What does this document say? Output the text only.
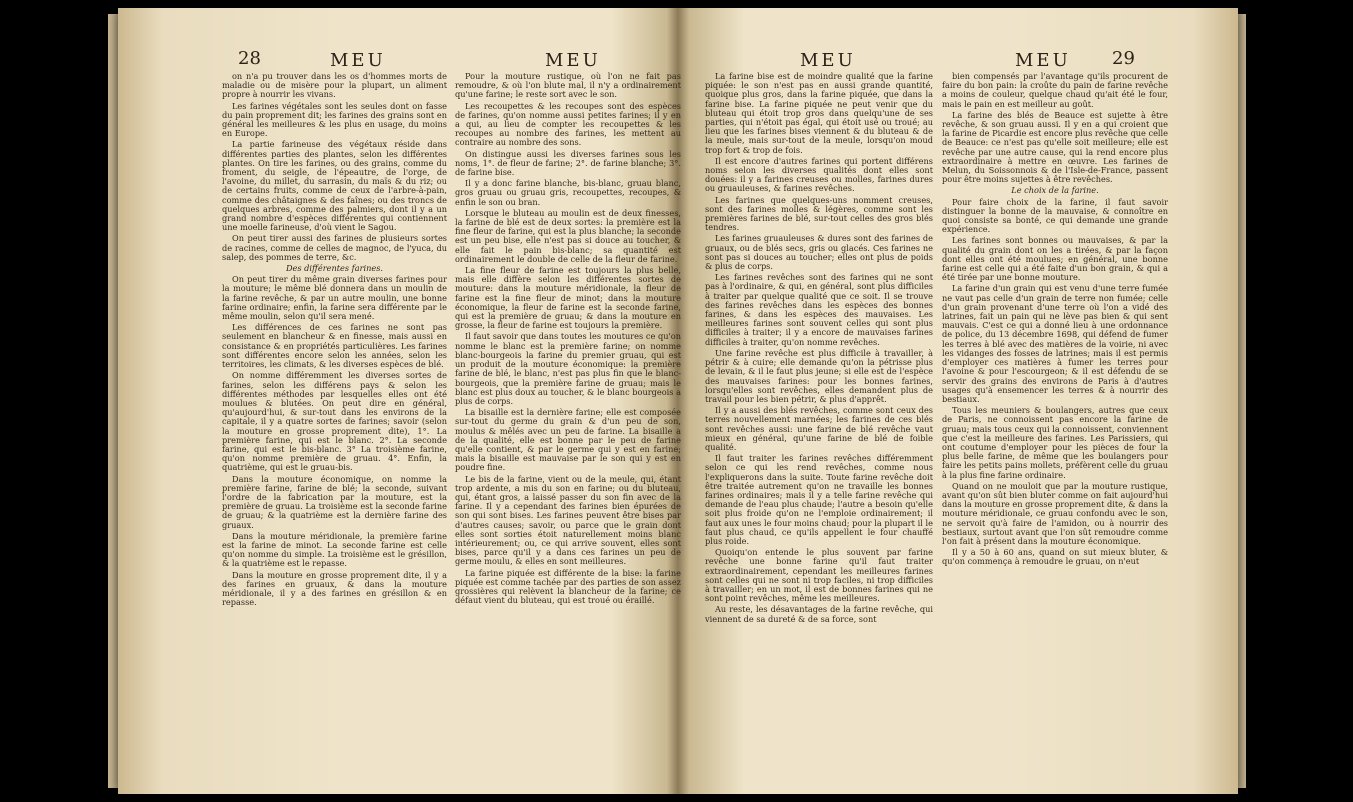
28	MEU	MEU	MEU	MEU 29

on n'a pu trouver dans les os d'hommes morts de maladie ou de misère pour la plupart, un aliment propre à nourrir les vivans.

Les farines végétales sont les seules dont on fasse du pain proprement dit; les farines des grains sont en général les meilleures & les plus en usage, du moins en Europe.

La partie farineuse des végétaux réside dans différentes parties des plantes, selon les différentes plantes. On tire les farines, ou des grains, comme du froment, du seigle, de l'épeautre, de l'orge, de l'avoine, du millet, du sarrasin, du maïs & du riz; ou de certains fruits, comme de ceux de l'arbre-à-pain, comme des châtaignes & des faînes; ou des troncs de quelques arbres, comme des palmiers, dont il y a un grand nombre d'espèces différentes qui contiennent une moelle farineuse, d'où vient le Sagou.

On peut tirer aussi des farines de plusieurs sortes de racines, comme de celles de magnoc, de l'yuca, du salep, des pommes de terre, &c.

Des différentes farines.

On peut tirer du même grain diverses farines pour la mouture; le même blé donnera dans un moulin de la farine revêche, & par un autre moulin, une bonne farine ordinaire; enfin, la farine sera différente par le même moulin, selon qu'il sera mené.

Les différences de ces farines ne sont pas seulement en blancheur & en finesse, mais aussi en consistance & en propriétés particulières. Les farines sont différentes encore selon les années, selon les territoires, les climats, & les diverses espèces de blé.

On nomme différemment les diverses sortes de farines, selon les différens pays & selon les différentes méthodes par lesquelles elles ont été moulues & blutées. On peut dire en général, qu'aujourd'hui, & sur-tout dans les environs de la capitale, il y a quatre sortes de farines; savoir (selon la mouture en grosse proprement dite), 1°. La première farine, qui est le blanc. 2°. La seconde farine, qui est le bis-blanc. 3° La troisième farine, qu'on nomme première de gruau. 4°. Enfin, la quatrième, qui est le gruau-bis.

Dans la mouture économique, on nomme la première farine, farine de blé; la seconde, suivant l'ordre de la fabrication par la mouture, est la première de gruau. La troisième est la seconde farine de gruau; & la quatrième est la dernière farine des gruaux.

Dans la mouture méridionale, la première farine est la farine de minot. La seconde farine est celle qu'on nomme du simple. La troisième est le grésillon, & la quatrième est le repasse.

Dans la mouture en grosse proprement dite, il y a des farines en gruaux, & dans la mouture méridionale, il y a des farines en grésillon & en repasse.

Pour la mouture rustique, où l'on ne fait pas remoudre, & où l'on blute mal, il n'y a ordinairement qu'une farine; le reste sort avec le son.

Les recoupettes & les recoupes sont des espèces de farines, qu'on nomme aussi petites farines; il y en a qui, au lieu de compter les recoupettes & les recoupes au nombre des farines, les mettent au contraire au nombre des sons.

On distingue aussi les diverses farines sous les noms, 1°. de fleur de farine; 2°. de farine blanche; 3°. de farine bise.

Il y a donc farine blanche, bis-blanc, gruau blanc, gros gruau ou gruau gris, recoupettes, recoupes, & enfin le son ou bran.

Lorsque le bluteau au moulin est de deux finesses, la farine de blé est de deux sortes: la première est la fine fleur de farine, qui est la plus blanche; la seconde est un peu bise, elle n'est pas si douce au toucher, & elle fait le pain bis-blanc; sa quantité est ordinairement le double de celle de la fleur de farine.

La fine fleur de farine est toujours la plus belle, mais elle diffère selon les différentes sortes de mouture: dans la mouture méridionale, la fleur de farine est la fine fleur de minot; dans la mouture économique, la fleur de farine est la seconde farine, qui est la première de gruau; & dans la mouture en grosse, la fleur de farine est toujours la première.

Il faut savoir que dans toutes les moutures ce qu'on nomme le blanc est la première farine; on nomme blanc-bourgeois la farine du premier gruau, qui est un produit de la mouture économique: la première farine de blé, le blanc, n'est pas plus fin que le blanc-bourgeois, que la première farine de gruau; mais le blanc est plus doux au toucher, & le blanc bourgeois a plus de corps.

La bisaille est la dernière farine; elle est composée sur-tout du germe du grain & d'un peu de son, moulus & mêlés avec un peu de farine. La bisaille a de la qualité, elle est bonne par le peu de farine qu'elle contient, & par le germe qui y est en farine; mais la bisaille est mauvaise par le son qui y est en poudre fine.

Le bis de la farine, vient ou de la meule, qui, étant trop ardente, a mis du son en farine; ou du bluteau, qui, étant gros, a laissé passer du son fin avec de la farine. Il y a cependant des farines bien épurées de son qui sont bises. Les farines peuvent être bises par d'autres causes; savoir, ou parce que le grain dont elles sont sorties étoit naturellement moins blanc intérieurement; ou, ce qui arrive souvent, elles sont bises, parce qu'il y a dans ces farines un peu de germe moulu, & elles en sont meilleures.

La farine piquée est différente de la bise: la farine piquée est comme tachée par des parties de son assez grossières qui relèvent la blancheur de la farine; ce défaut vient du bluteau, qui est troué ou éraillé.

La farine bise est de moindre qualité que la farine piquée: le son n'est pas en aussi grande quantité, quoique plus gros, dans la farine piquée, que dans la farine bise. La farine piquée ne peut venir que du bluteau qui étoit trop gros dans quelqu'une de ses parties, qui n'étoit pas égal, qui étoit usé ou troué; au lieu que les farines bises viennent & du bluteau & de la meule, mais sur-tout de la meule, lorsqu'on moud trop fort & trop de fois.

Il est encore d'autres farines qui portent différens noms selon les diverses qualités dont elles sont douées: il y a farines creuses ou molles, farines dures ou gruauleuses, & farines revêches.

Les farines que quelques-uns nomment creuses, sont des farines molles & légères, comme sont les premières farines de blé, sur-tout celles des gros blés tendres.

Les farines gruauleuses & dures sont des farines de gruaux, ou de blés secs, gris ou glacés. Ces farines ne sont pas si douces au toucher; elles ont plus de poids & plus de corps.

Les farines revêches sont des farines qui ne sont pas à l'ordinaire, & qui, en général, sont plus difficiles à traiter par quelque qualité que ce soit. Il se trouve des farines revêches dans les espèces des bonnes farines, & dans les espèces des mauvaises. Les meilleures farines sont souvent celles qui sont plus difficiles à traiter; il y a encore de mauvaises farines difficiles à traiter, qu'on nomme revêches.

Une farine revêche est plus difficile à travailler, à pétrir & à cuire; elle demande qu'on la pétrisse plus de levain, & il le faut plus jeune; si elle est de l'espèce des mauvaises farines: pour les bonnes farines, lorsqu'elles sont revêches, elles demandent plus de travail pour les bien pétrir, & plus d'apprêt.

Il y a aussi des blés revêches, comme sont ceux des terres nouvellement marnées; les farines de ces blés sont revêches aussi: une farine de blé revêche vaut mieux en général, qu'une farine de blé de foible qualité.

Il faut traiter les farines revêches différemment selon ce qui les rend revêches, comme nous l'expliquerons dans la suite. Toute farine revêche doit être traitée autrement qu'on ne travaille les bonnes farines ordinaires; mais il y a telle farine revêche qui demande de l'eau plus chaude; l'autre a besoin qu'elle soit plus froide qu'on ne l'emploie ordinairement; il faut aux unes le four moins chaud; pour la plupart il le faut plus chaud, ce qu'ils appellent le four chauffé plus roide.

Quoiqu'on entende le plus souvent par farine revêche une bonne farine qu'il faut traiter extraordinairement, cependant les meilleures farines sont celles qui ne sont ni trop faciles, ni trop difficiles à travailler; en un mot, il est de bonnes farines qui ne sont point revêches, même les meilleures.

Au reste, les désavantages de la farine revêche, qui viennent de sa dureté & de sa force, sont

bien compensés par l'avantage qu'ils procurent de faire du bon pain: la croûte du pain de farine revêche a moins de couleur, quelque chaud qu'ait été le four, mais le pain en est meilleur au goût.

La farine des blés de Beauce est sujette à être revêche, & son gruau aussi. Il y en a qui croient que la farine de Picardie est encore plus revêche que celle de Beauce: ce n'est pas qu'elle soit meilleure; elle est revêche par une autre cause, qui la rend encore plus extraordinaire à mettre en œuvre. Les farines de Melun, du Soissonnois & de l'Isle-de-France, passent pour être moins sujettes à être revêches.

Le choix de la farine.

Pour faire choix de la farine, il faut savoir distinguer la bonne de la mauvaise, & connoître en quoi consiste sa bonté, ce qui demande une grande expérience.

Les farines sont bonnes ou mauvaises, & par la qualité du grain dont on les a tirées, & par la façon dont elles ont été moulues; en général, une bonne farine est celle qui a été faite d'un bon grain, & qui a été tirée par une bonne mouture.

La farine d'un grain qui est venu d'une terre fumée ne vaut pas celle d'un grain de terre non fumée; celle d'un grain provenant d'une terre où l'on a vidé des latrines, fait un pain qui ne lève pas bien & qui sent mauvais. C'est ce qui a donné lieu à une ordonnance de police, du 13 décembre 1698, qui défend de fumer les terres à blé avec des matières de la voirie, ni avec les vidanges des fosses de latrines; mais il est permis d'employer ces matières à fumer les terres pour l'avoine & pour l'escourgeon; & il est défendu de se servir des grains des environs de Paris à d'autres usages qu'à ensemencer les terres & à nourrir des bestiaux.

Tous les meuniers & boulangers, autres que ceux de Paris, ne connoissent pas encore la farine de gruau; mais tous ceux qui la connoissent, conviennent que c'est la meilleure des farines. Les Parissiers, qui ont coutume d'employer pour les pièces de four la plus belle farine, de même que les boulangers pour faire les petits pains mollets, préfèrent celle du gruau à la plus fine farine ordinaire.

Quand on ne mouloit que par la mouture rustique, avant qu'on sût bien bluter comme on fait aujourd'hui dans la mouture en grosse proprement dite, & dans la mouture méridionale, ce gruau confondu avec le son, ne servoit qu'à faire de l'amidon, ou à nourrir des bestiaux, surtout avant que l'on sût remoudre comme l'on fait à présent dans la mouture économique.

Il y a 50 à 60 ans, quand on sut mieux bluter, & qu'on commença à remoudre le gruau, on n'eut
